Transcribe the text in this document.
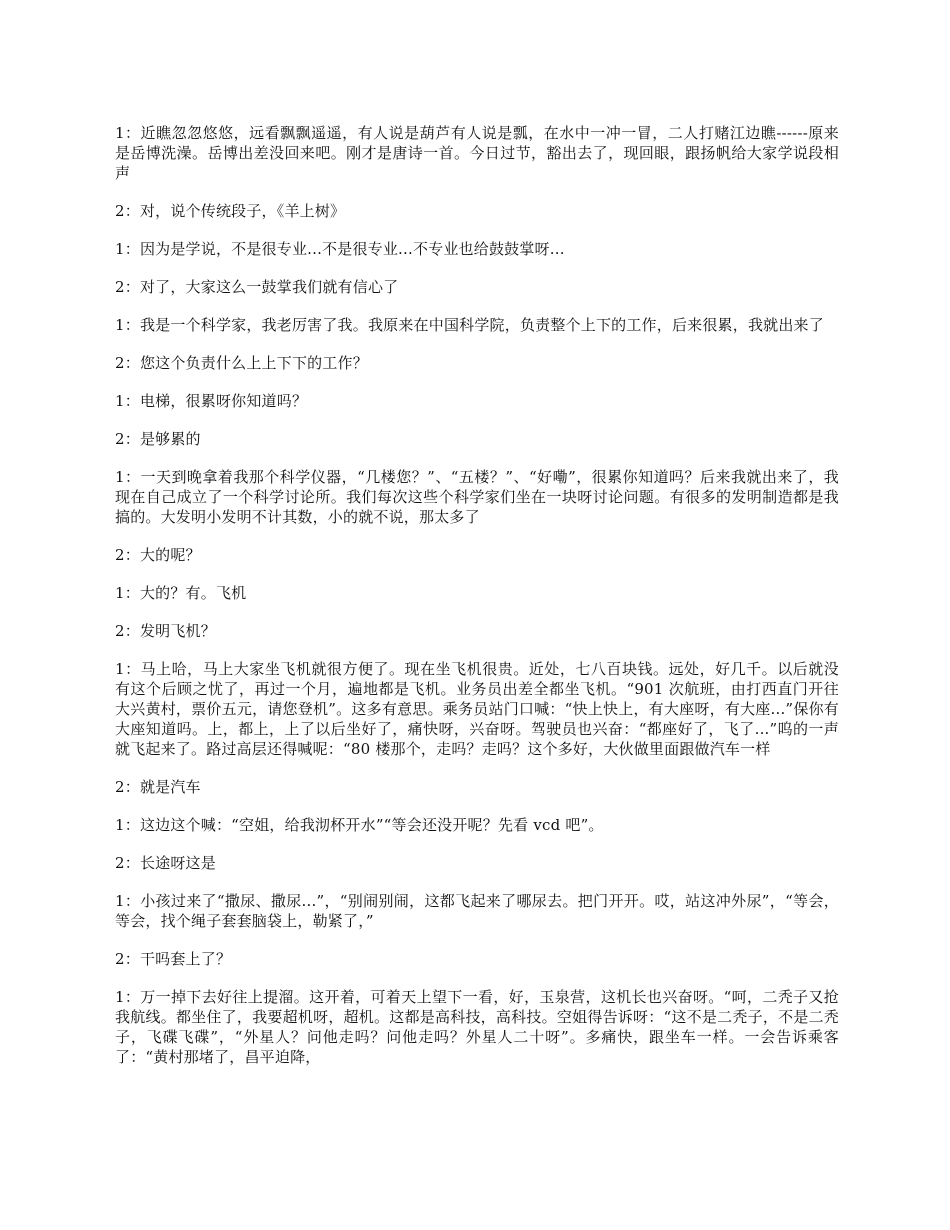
1：近瞧忽忽悠悠，远看飘飘遥遥，有人说是葫芦有人说是瓢，在水中一冲一冒，二人打赌江边瞧------原来是岳博洗澡。岳博出差没回来吧。刚才是唐诗一首。今日过节，豁出去了，现回眼，跟扬帆给大家学说段相声

2：对，说个传统段子，《羊上树》

1：因为是学说，不是很专业...不是很专业...不专业也给鼓鼓掌呀...

2：对了，大家这么一鼓掌我们就有信心了

1：我是一个科学家，我老厉害了我。我原来在中国科学院，负责整个上下的工作，后来很累，我就出来了

2：您这个负责什么上上下下的工作？

1：电梯，很累呀你知道吗？

2：是够累的

1：一天到晚拿着我那个科学仪器，“几楼您？”、“五楼？”、“好嘞”，很累你知道吗？后来我就出来了，我现在自己成立了一个科学讨论所。我们每次这些个科学家们坐在一块呀讨论问题。有很多的发明制造都是我搞的。大发明小发明不计其数，小的就不说，那太多了

2：大的呢？

1：大的？有。飞机

2：发明飞机？

1：马上哈，马上大家坐飞机就很方便了。现在坐飞机很贵。近处，七八百块钱。远处，好几千。以后就没有这个后顾之忧了，再过一个月，遍地都是飞机。业务员出差全都坐飞机。“901 次航班，由打西直门开往大兴黄村，票价五元，请您登机”。这多有意思。乘务员站门口喊：“快上快上，有大座呀，有大座...”保你有大座知道吗。上，都上，上了以后坐好了，痛快呀，兴奋呀。驾驶员也兴奋：“都座好了，飞了...”呜的一声就飞起来了。路过高层还得喊呢：“80 楼那个，走吗？走吗？这个多好，大伙做里面跟做汽车一样

2：就是汽车

1：这边这个喊：“空姐，给我沏杯开水”“等会还没开呢？先看 vcd 吧”。

2：长途呀这是

1：小孩过来了“撒尿、撒尿...”，“别闹别闹，这都飞起来了哪尿去。把门开开。哎，站这冲外尿”，“等会，等会，找个绳子套套脑袋上，勒紧了，”

2：干吗套上了？

1：万一掉下去好往上提溜。这开着，可着天上望下一看，好，玉泉营，这机长也兴奋呀。“呵，二秃子又抢我航线。都坐住了，我要超机呀，超机。这都是高科技，高科技。空姐得告诉呀：“这不是二秃子，不是二秃子，飞碟飞碟”，“外星人？问他走吗？问他走吗？外星人二十呀”。多痛快，跟坐车一样。一会告诉乘客了：“黄村那堵了，昌平迫降，
